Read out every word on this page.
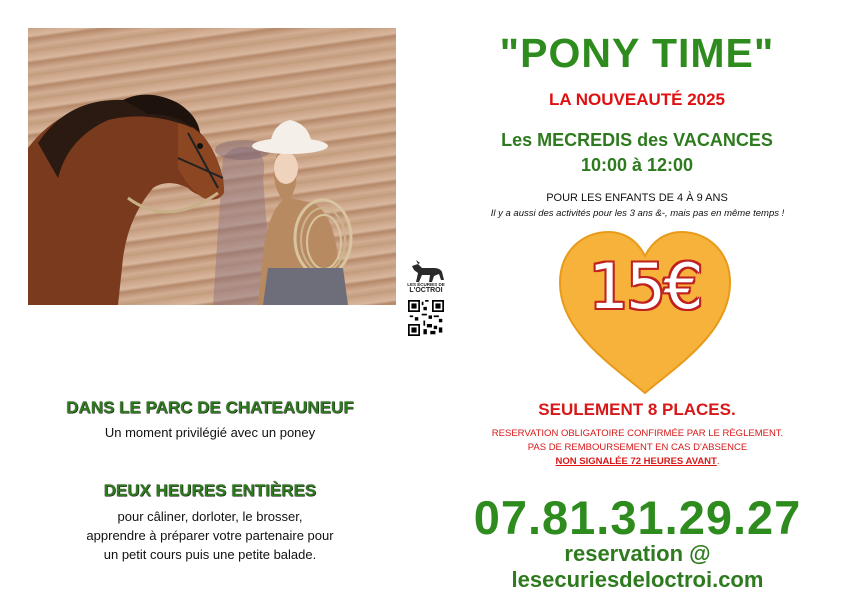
LES ÉCURIES DE
L'OCTROI
"PONY TIME"
LA NOUVEAUTÉ 2025
Les MECREDIS des VACANCES
10:00 à 12:00
POUR LES ENFANTS DE 4 À 9 ANS
Il y a aussi des activités pour les 3 ans &-, mais pas en même temps !
15€
DANS LE PARC DE CHATEAUNEUF
Un moment privilégié avec un poney
DEUX HEURES ENTIÈRES
pour câliner, dorloter, le brosser,
apprendre à préparer votre partenaire pour
un petit cours puis une petite balade.
SEULEMENT 8 PLACES.
RESERVATION OBLIGATOIRE CONFIRMÉE PAR LE RÈGLEMENT.
PAS DE REMBOURSEMENT EN CAS D'ABSENCE
NON SIGNALÉE 72 HEURES AVANT.
07.81.31.29.27
reservation @ lesecuriesdeloctroi.com
